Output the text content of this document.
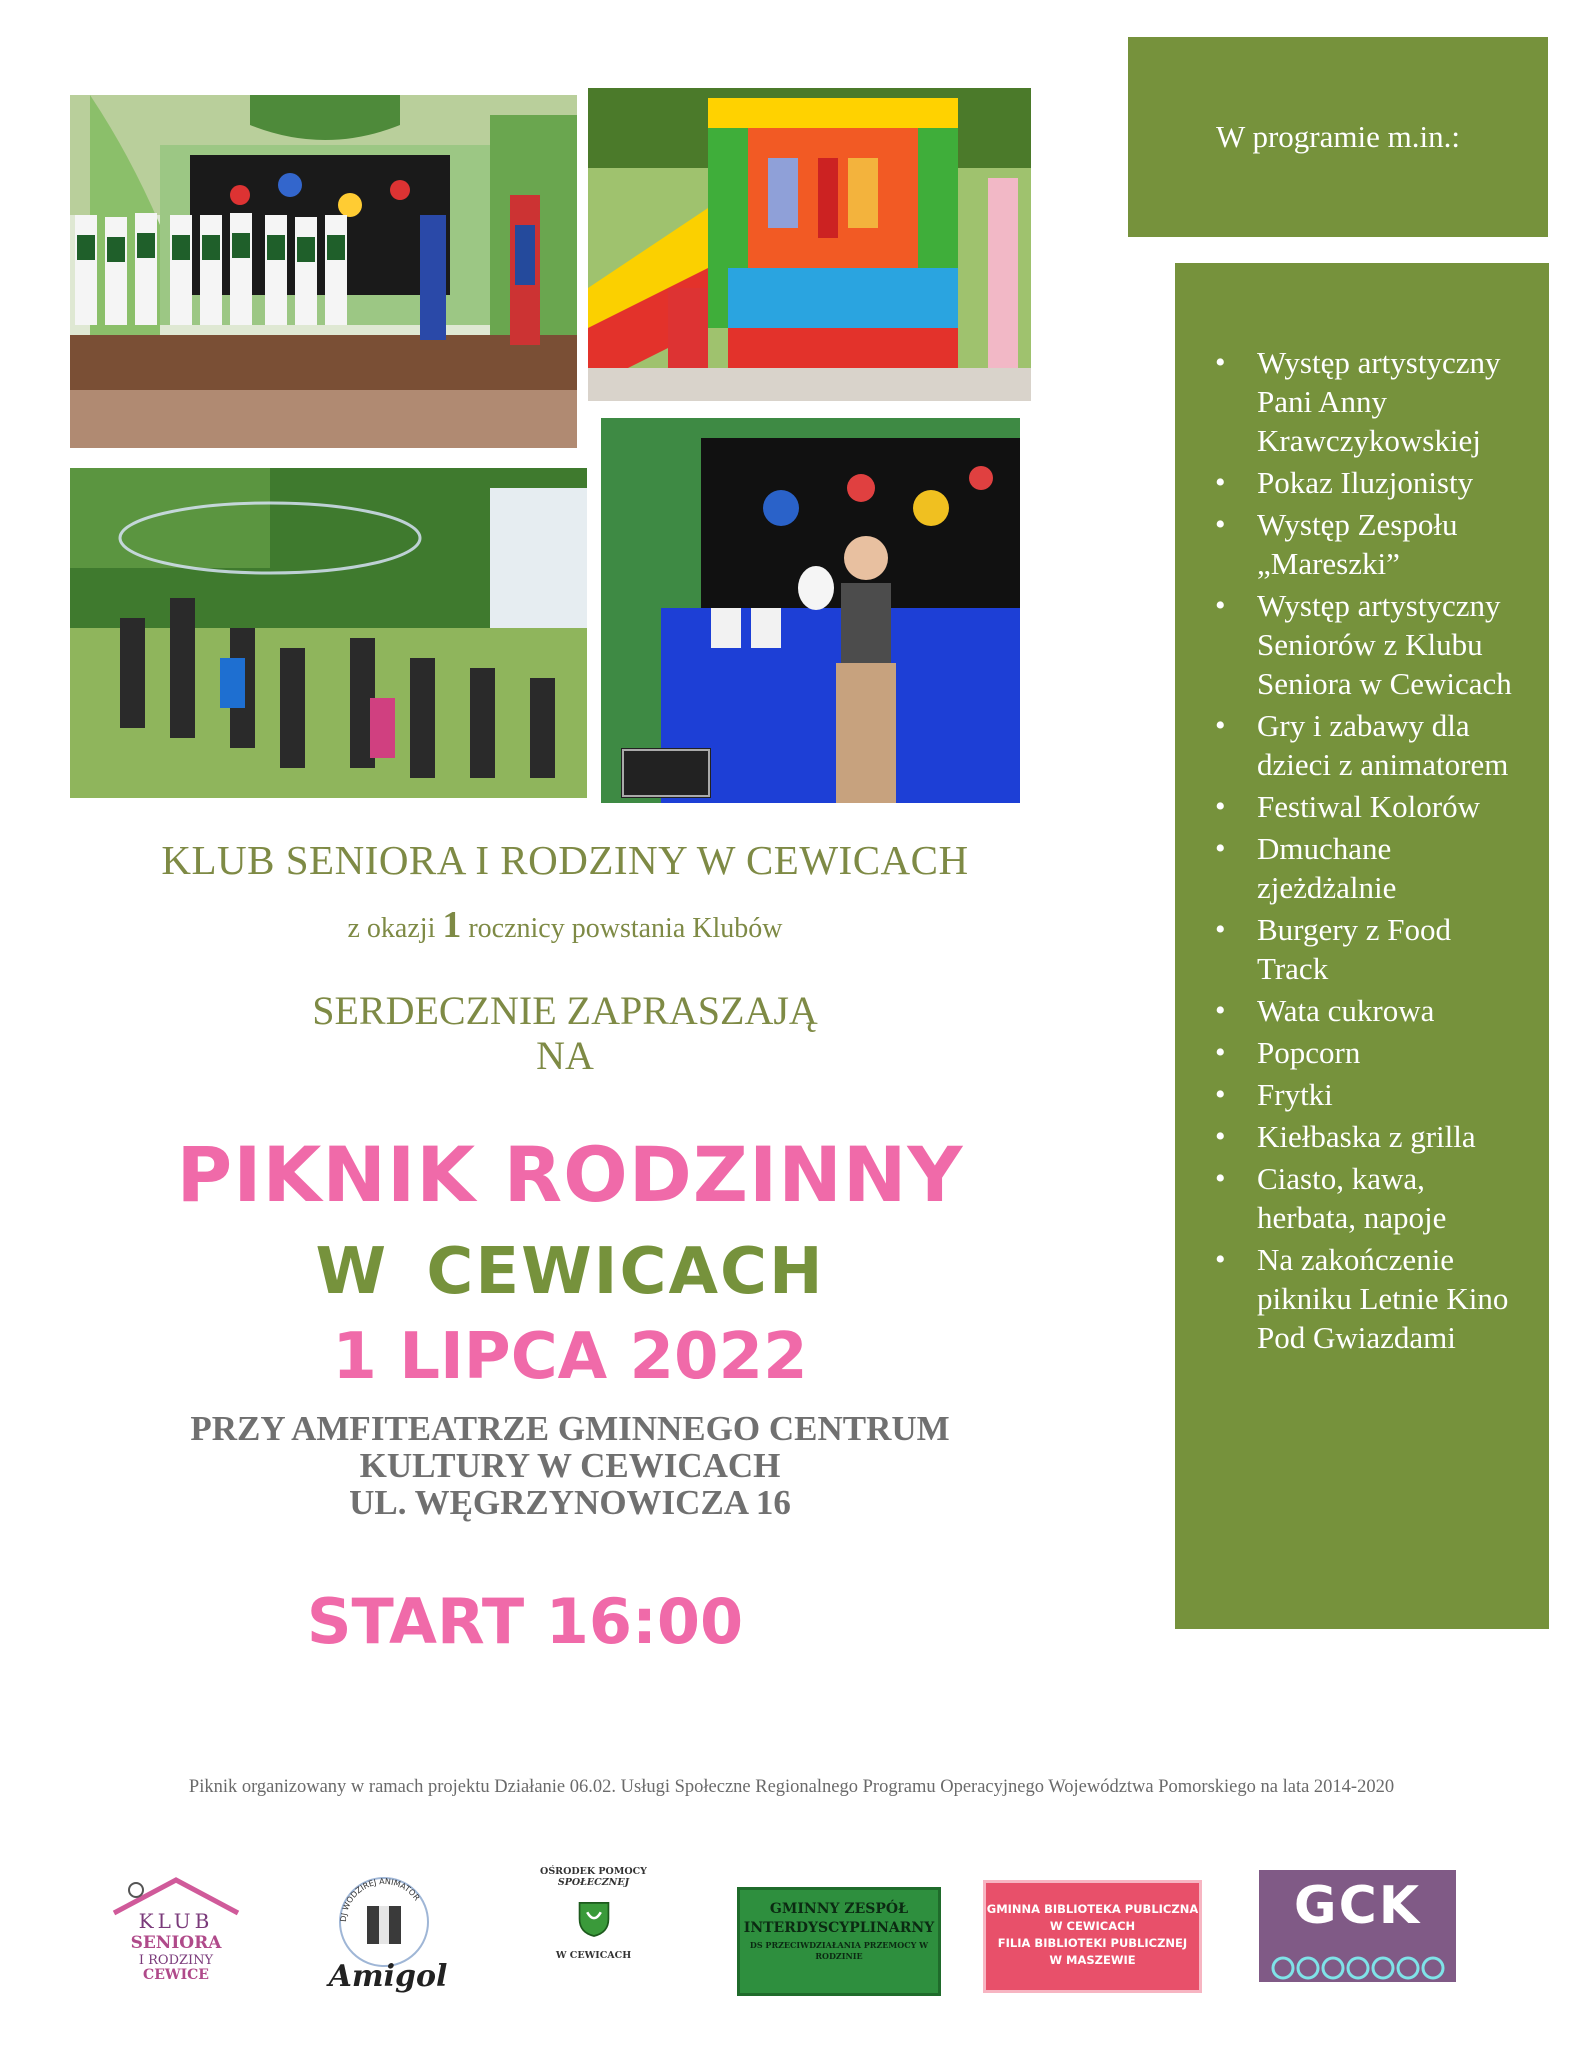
W programie m.in.:
• Występ artystyczny Pani Anny Krawczykowskiej
• Pokaz Iluzjonisty
• Występ Zespołu „Mareszki”
• Występ artystyczny Seniorów z Klubu Seniora w Cewicach
• Gry i zabawy dla dzieci z animatorem
• Festiwal Kolorów
• Dmuchane zjeżdżalnie
• Burgery z Food Track
• Wata cukrowa
• Popcorn
• Frytki
• Kiełbaska z grilla
• Ciasto, kawa, herbata, napoje
• Na zakończenie pikniku Letnie Kino Pod Gwiazdami
KLUB SENIORA I RODZINY W CEWICACH
z okazji 1 rocznicy powstania Klubów
SERDECZNIE ZAPRASZAJĄ
NA
PIKNIK RODZINNY
W CEWICACH
1 LIPCA 2022
PRZY AMFITEATRZE GMINNEGO CENTRUM
KULTURY W CEWICACH
UL. WĘGRZYNOWICZA 16
START 16:00
Piknik organizowany w ramach projektu Działanie 06.02. Usługi Społeczne Regionalnego Programu Operacyjnego Województwa Pomorskiego na lata 2014-2020
KLUB
SENIORA
I RODZINY
CEWICE
DJ WODZIREJ ANIMATOR
Amigol
OŚRODEK POMOCY
SPOŁECZNEJ
W CEWICACH
GMINNY ZESPÓŁ
INTERDYSCYPLINARNY
DS PRZECIWDZIAŁANIA PRZEMOCY W RODZINIE
GMINNA BIBLIOTEKA PUBLICZNA
W CEWICACH
FILIA BIBLIOTEKI PUBLICZNEJ
W MASZEWIE
GCK
